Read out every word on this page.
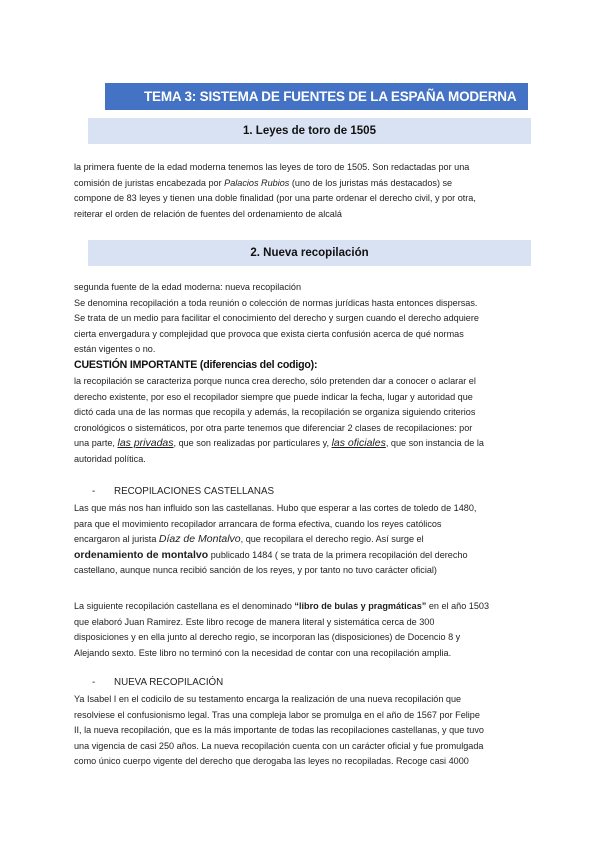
TEMA 3: SISTEMA DE FUENTES DE LA ESPAÑA MODERNA
1. Leyes de toro de 1505
la primera fuente de la edad moderna tenemos las leyes de toro de 1505. Son redactadas por una
comisión de juristas encabezada por Palacios Rubios (uno de los juristas más destacados) se
compone de 83 leyes y tienen una doble finalidad (por una parte ordenar el derecho civil, y por otra,
reiterar el orden de relación de fuentes del ordenamiento de alcalá
2. Nueva recopilación
segunda fuente de la edad moderna: nueva recopilación
Se denomina recopilación a toda reunión o colección de normas jurídicas hasta entonces dispersas.
Se trata de un medio para facilitar el conocimiento del derecho y surgen cuando el derecho adquiere
cierta envergadura y complejidad que provoca que exista cierta confusión acerca de qué normas
están vigentes o no.
CUESTIÓN IMPORTANTE (diferencias del codigo):
la recopilación se caracteriza porque nunca crea derecho, sólo pretenden dar a conocer o aclarar el
derecho existente, por eso el recopilador siempre que puede indicar la fecha, lugar y autoridad que
dictó cada una de las normas que recopila y además, la recopilación se organiza siguiendo criterios
cronológicos o sistemáticos, por otra parte tenemos que diferenciar 2 clases de recopilaciones: por
una parte, las privadas, que son realizadas por particulares y, las oficiales, que son instancia de la
autoridad política.
- RECOPILACIONES CASTELLANAS
Las que más nos han influido son las castellanas. Hubo que esperar a las cortes de toledo de 1480,
para que el movimiento recopilador arrancara de forma efectiva, cuando los reyes católicos
encargaron al jurista Díaz de Montalvo, que recopilara el derecho regio. Así surge el
ordenamiento de montalvo publicado 1484 ( se trata de la primera recopilación del derecho
castellano, aunque nunca recibió sanción de los reyes, y por tanto no tuvo carácter oficial)
La siguiente recopilación castellana es el denominado “libro de bulas y pragmáticas” en el año 1503
que elaboró Juan Ramirez. Este libro recoge de manera literal y sistemática cerca de 300
disposiciones y en ella junto al derecho regio, se incorporan las (disposiciones) de Docencio 8 y
Alejando sexto. Este libro no terminó con la necesidad de contar con una recopilación amplia.
- NUEVA RECOPILACIÓN
Ya Isabel I en el codicilo de su testamento encarga la realización de una nueva recopilación que
resolviese el confusionismo legal. Tras una compleja labor se promulga en el año de 1567 por Felipe
II, la nueva recopilación, que es la más importante de todas las recopilaciones castellanas, y que tuvo
una vigencia de casi 250 años. La nueva recopilación cuenta con un carácter oficial y fue promulgada
como único cuerpo vigente del derecho que derogaba las leyes no recopiladas. Recoge casi 4000
